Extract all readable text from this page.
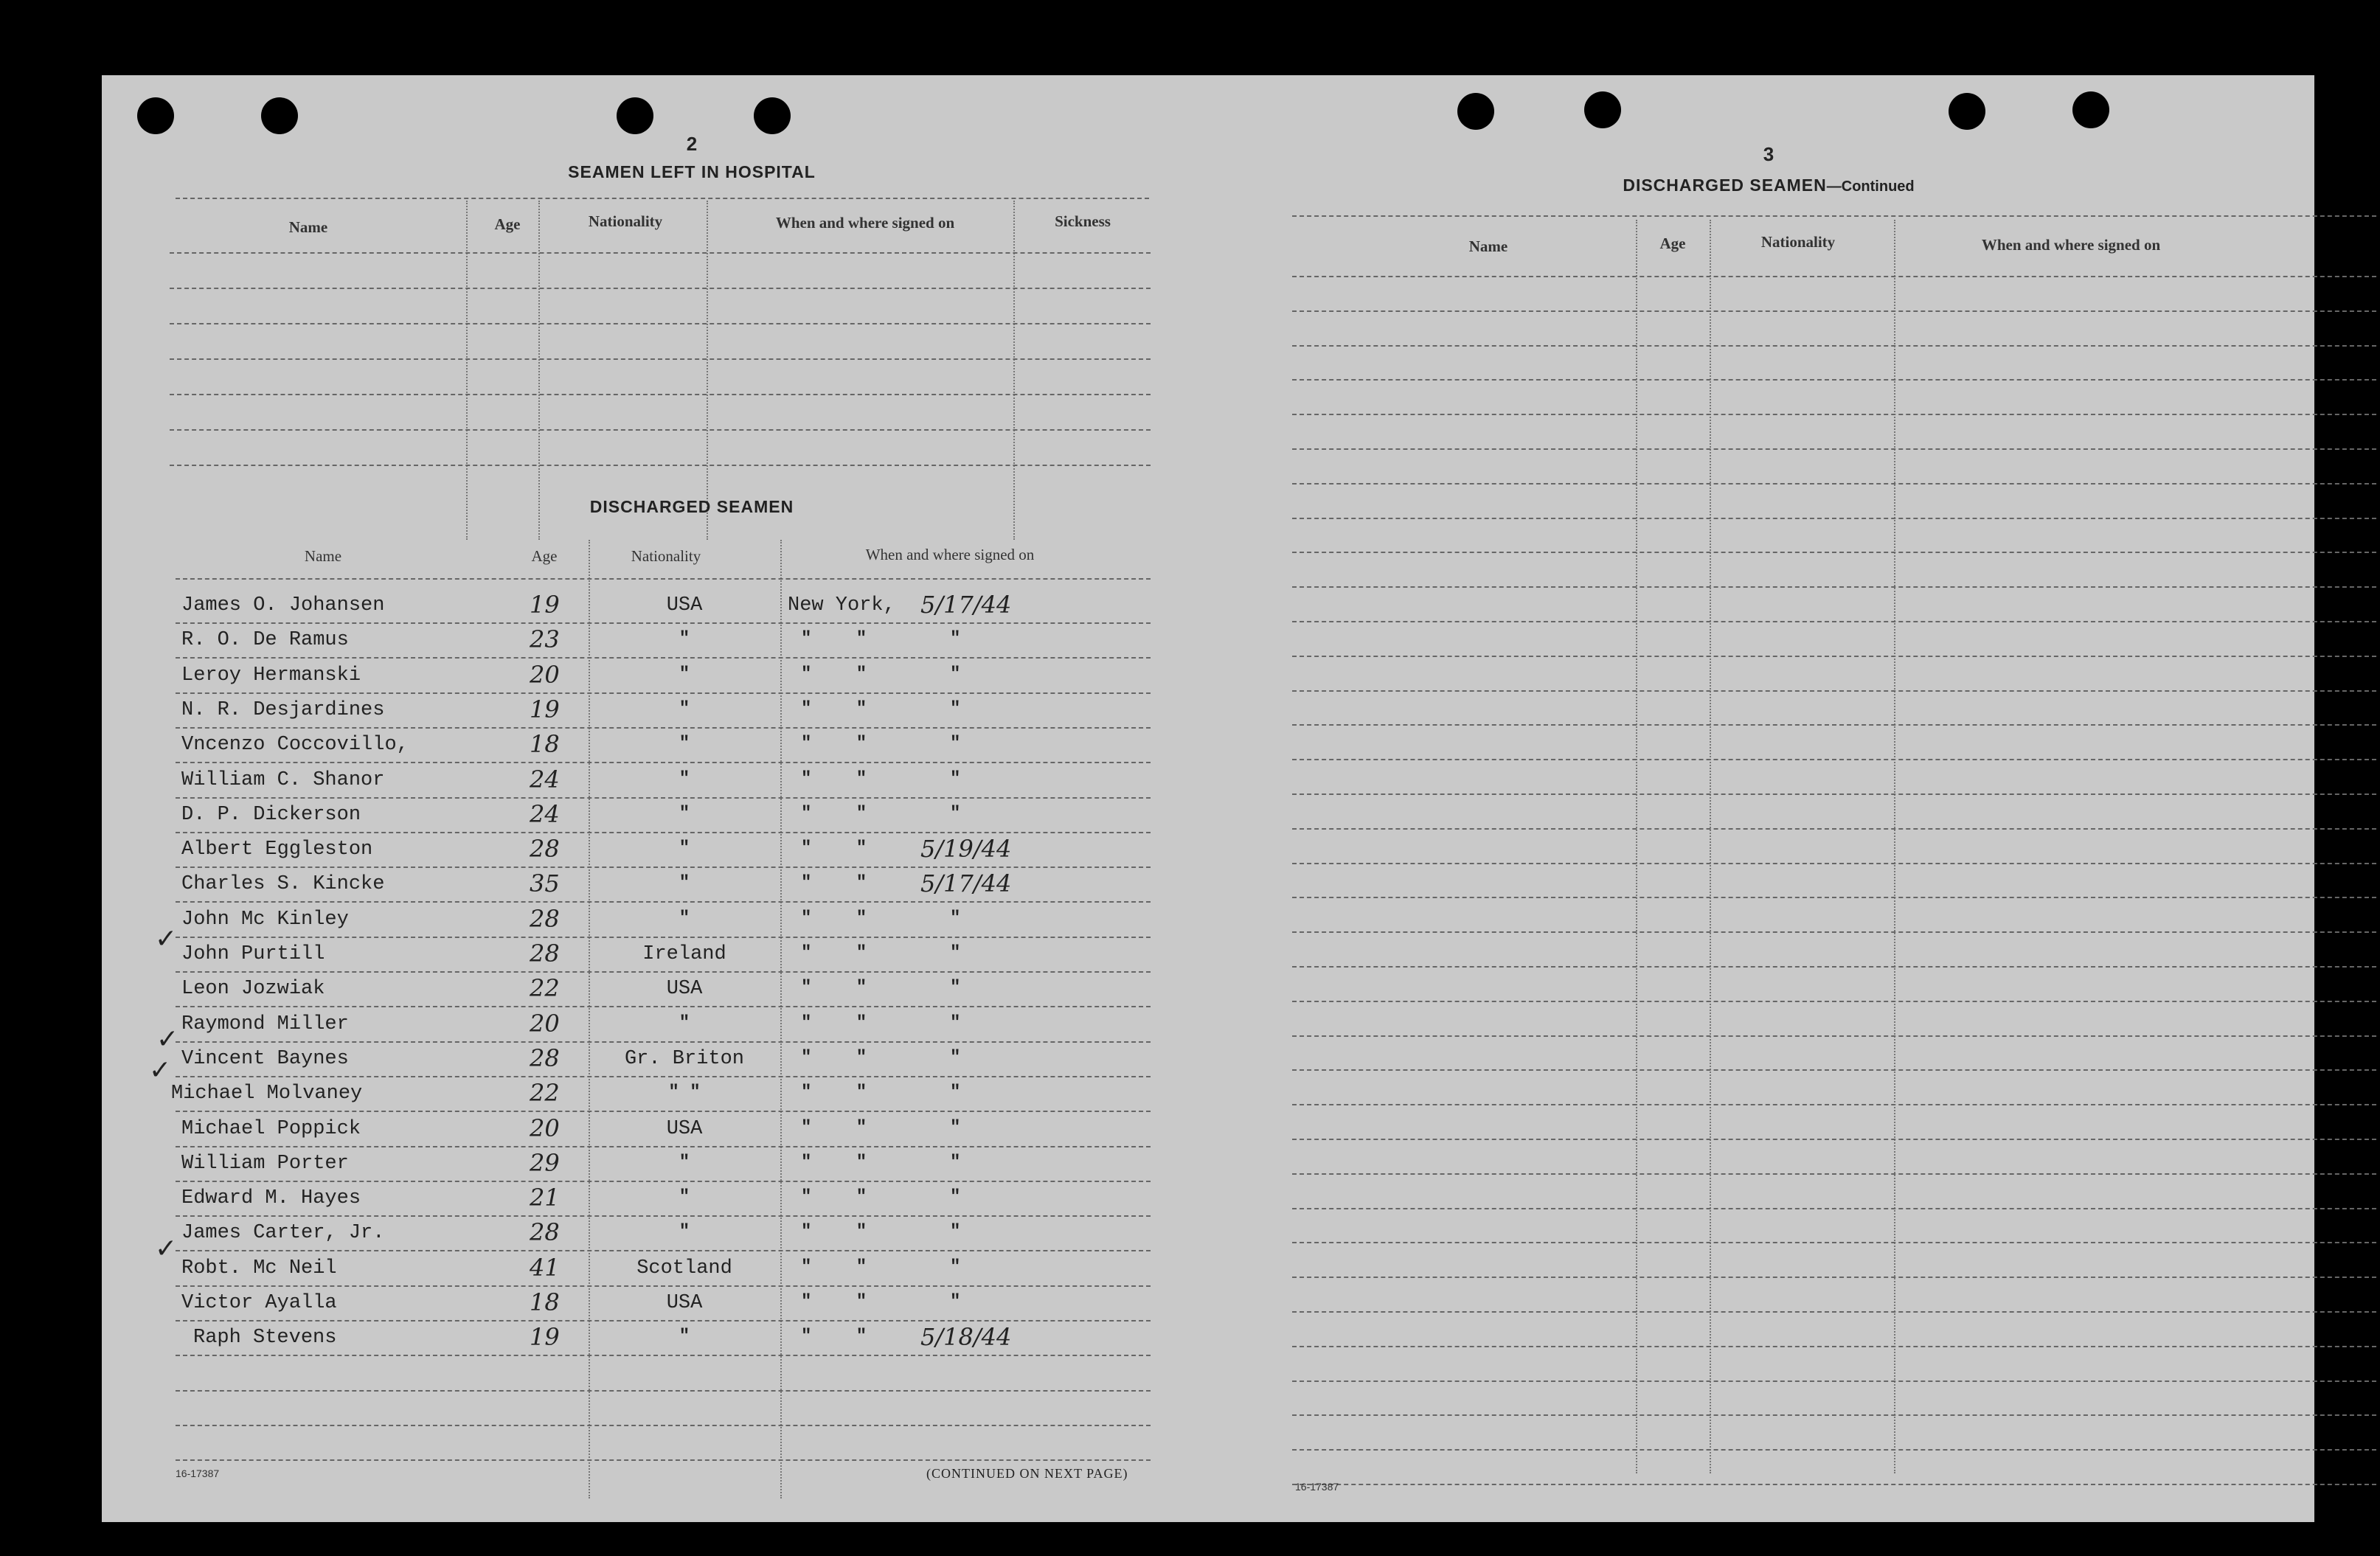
2
SEAMEN LEFT IN HOSPITAL
Name	Age	Nationality	When and where signed on	Sickness
DISCHARGED SEAMEN
Name	Age	Nationality	When and where signed on
James O. Johansen	19	USA	New York, 5/17/44
R. O. De Ramus	23	"	" "	"
Leroy Hermanski	20	"	" "	"
N. R. Desjardines	19	"	" "	"
Vncenzo Coccovillo,	18	"	" "	"
William C. Shanor	24	"	" "	"
D. P. Dickerson	24	"	" "	"
Albert Eggleston	28	"	" " 5/19/44
Charles S. Kincke	35	"	" " 5/17/44
John Mc Kinley	28	"	" "	"
John Purtill	28	Ireland	" "	"
Leon Jozwiak	22	USA	" "	"
Raymond Miller	20	"	" "	"
Vincent Baynes	28	Gr. Briton	" "	"
Michael Molvaney	22	" "	" "	"
Michael Poppick	20	USA	" "	"
William Porter	29	"	" "	"
Edward M. Hayes	21	"	" "	"
James Carter, Jr.	28	"	" "	"
Robt. Mc Neil	41	Scotland	" "	"
Victor Ayalla	18	USA	" "	"
Raph Stevens	19	"	" " 5/18/44
✓
✓
✓
✓
16-17387	(CONTINUED ON NEXT PAGE)
3
DISCHARGED SEAMEN—Continued
Name	Age	Nationality	When and where signed on
16-17387
